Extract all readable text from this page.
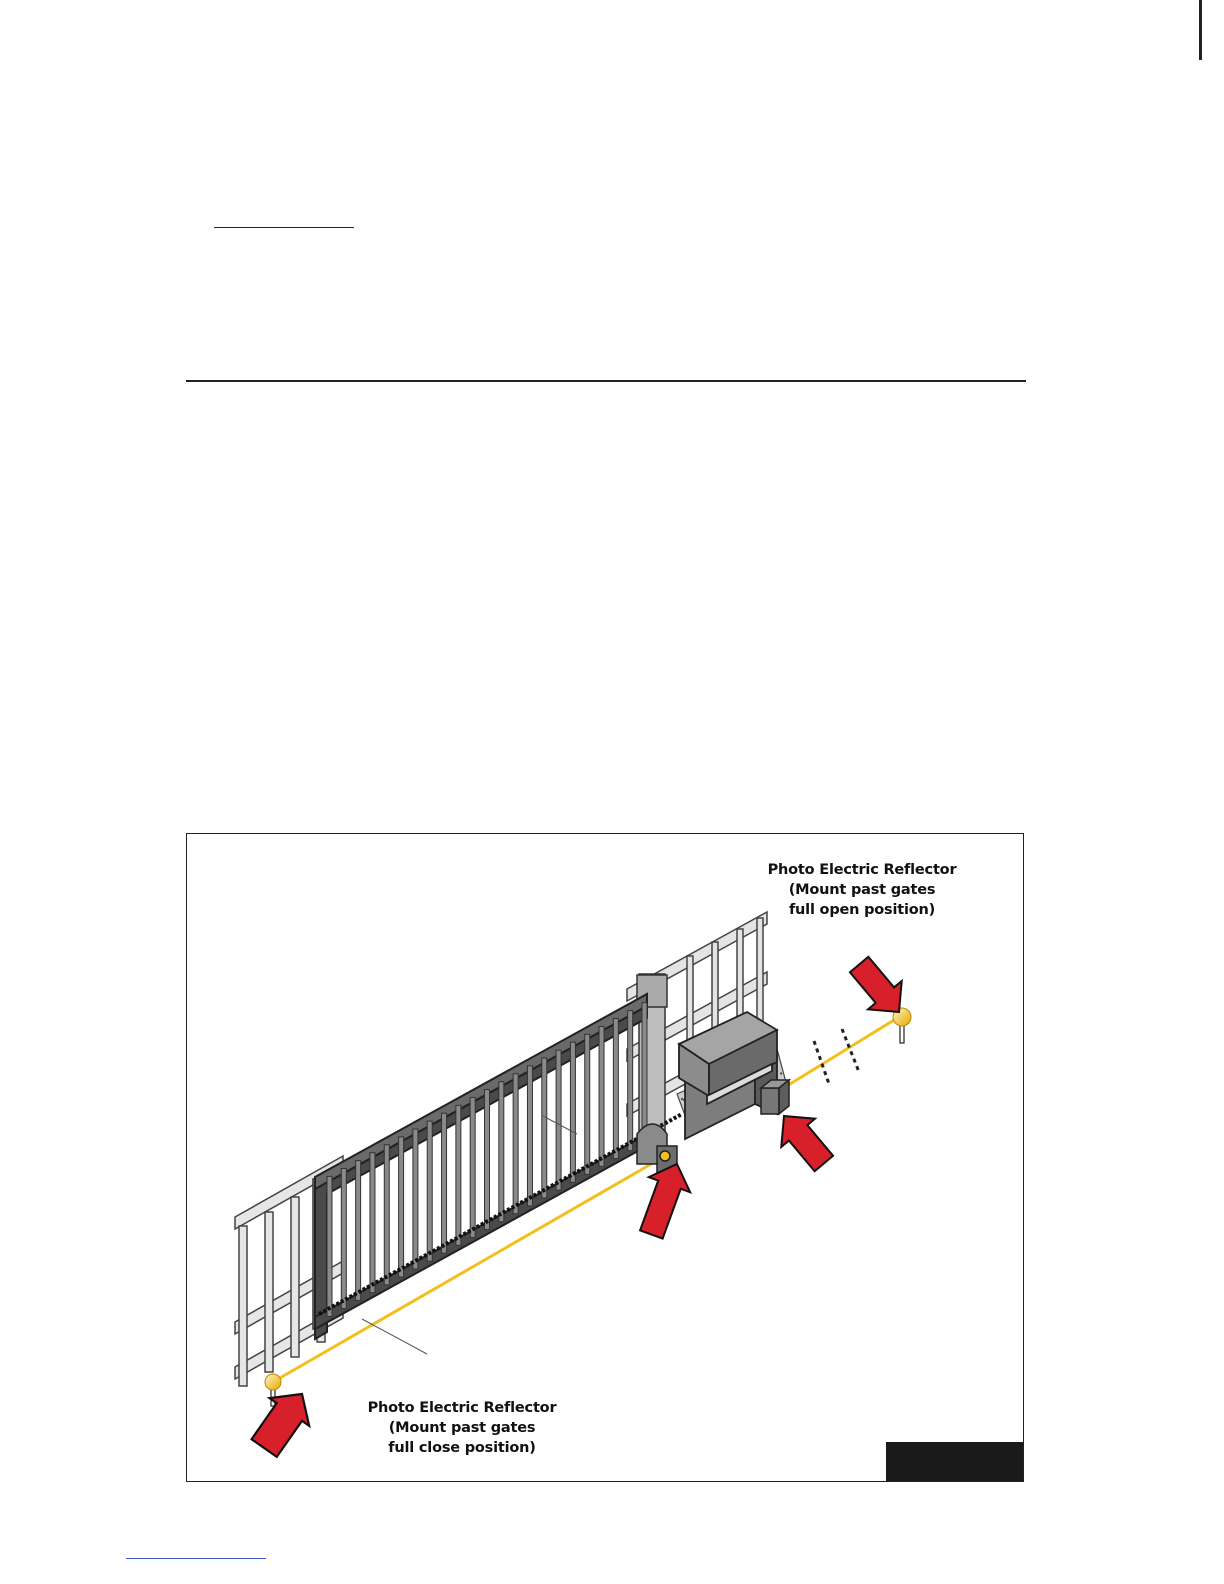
Photo Electric Reflector
(Mount past gates
full open position)
Photo Electric Reflector
(Mount past gates
full close position)
